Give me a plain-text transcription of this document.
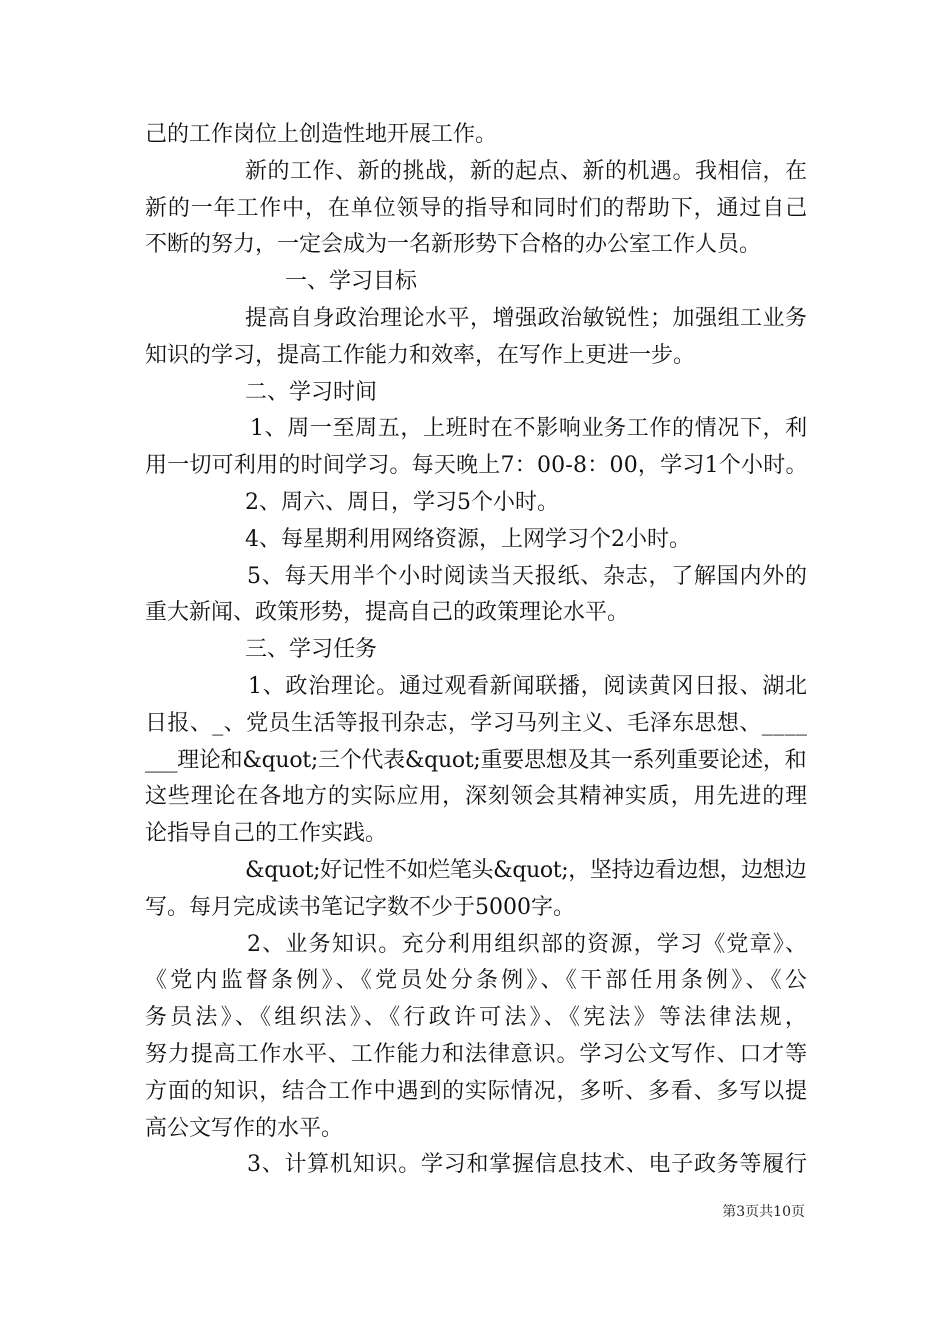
己的工作岗位上创造性地开展工作。
新的工作、新的挑战，新的起点、新的机遇。我相信，在
新的一年工作中，在单位领导的指导和同时们的帮助下，通过自己
不断的努力，一定会成为一名新形势下合格的办公室工作人员。
一、学习目标
提高自身政治理论水平，增强政治敏锐性；加强组工业务
知识的学习，提高工作能力和效率，在写作上更进一步。
二、学习时间
1、周一至周五，上班时在不影响业务工作的情况下，利
用一切可利用的时间学习。每天晚上7：00-8：00，学习1个小时。
2、周六、周日，学习5个小时。
4、每星期利用网络资源，上网学习个2小时。
5、每天用半个小时阅读当天报纸、杂志，了解国内外的
重大新闻、政策形势，提高自己的政策理论水平。
三、学习任务
1、政治理论。通过观看新闻联播，阅读黄冈日报、湖北
日报、_、党员生活等报刊杂志，学习马列主义、毛泽东思想、____
___理论和&quot;三个代表&quot;重要思想及其一系列重要论述，和
这些理论在各地方的实际应用，深刻领会其精神实质，用先进的理
论指导自己的工作实践。
&quot;好记性不如烂笔头&quot;，坚持边看边想，边想边
写。每月完成读书笔记字数不少于5000字。
2、业务知识。充分利用组织部的资源，学习《党章》、
《党内监督条例》、《党员处分条例》、《干部任用条例》、《公
务员法》、《组织法》、《行政许可法》、《宪法》等法律法规，
努力提高工作水平、工作能力和法律意识。学习公文写作、口才等
方面的知识，结合工作中遇到的实际情况，多听、多看、多写以提
高公文写作的水平。
3、计算机知识。学习和掌握信息技术、电子政务等履行
第3页共10页
